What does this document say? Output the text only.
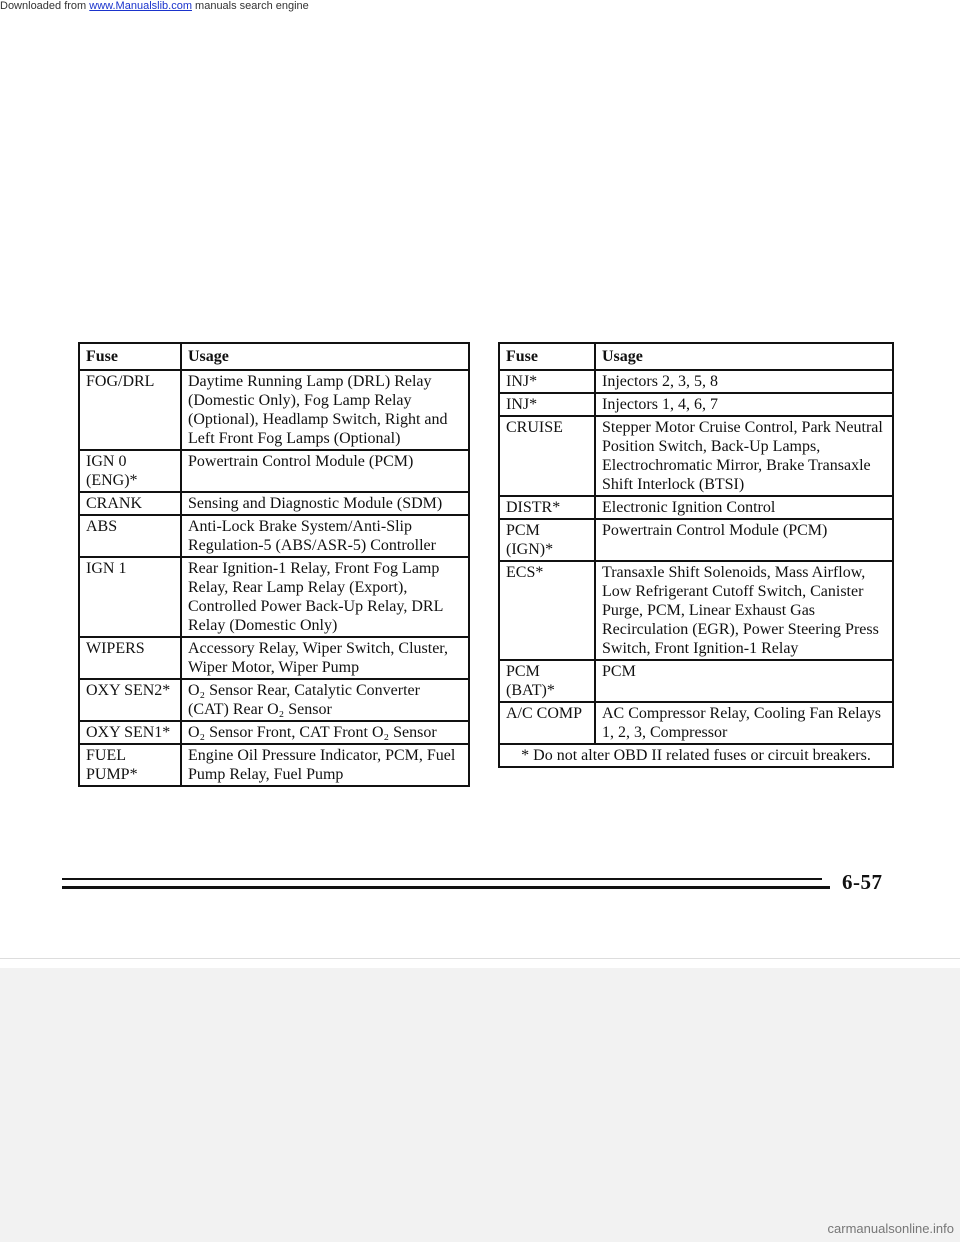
Downloaded from www.Manualslib.com manuals search engine
Fuse	Usage
FOG/DRL	Daytime Running Lamp (DRL) Relay (Domestic Only), Fog Lamp Relay (Optional), Headlamp Switch, Right and Left Front Fog Lamps (Optional)
IGN 0 (ENG)*	Powertrain Control Module (PCM)
CRANK	Sensing and Diagnostic Module (SDM)
ABS	Anti-Lock Brake System/Anti-Slip Regulation-5 (ABS/ASR-5) Controller
IGN 1	Rear Ignition-1 Relay, Front Fog Lamp Relay, Rear Lamp Relay (Export), Controlled Power Back-Up Relay, DRL Relay (Domestic Only)
WIPERS	Accessory Relay, Wiper Switch, Cluster, Wiper Motor, Wiper Pump
OXY SEN2*	O₂ Sensor Rear, Catalytic Converter (CAT) Rear O₂ Sensor
OXY SEN1*	O₂ Sensor Front, CAT Front O₂ Sensor
FUEL PUMP*	Engine Oil Pressure Indicator, PCM, Fuel Pump Relay, Fuel Pump
Fuse	Usage
INJ*	Injectors 2, 3, 5, 8
INJ*	Injectors 1, 4, 6, 7
CRUISE	Stepper Motor Cruise Control, Park Neutral Position Switch, Back-Up Lamps, Electrochromatic Mirror, Brake Transaxle Shift Interlock (BTSI)
DISTR*	Electronic Ignition Control
PCM (IGN)*	Powertrain Control Module (PCM)
ECS*	Transaxle Shift Solenoids, Mass Airflow, Low Refrigerant Cutoff Switch, Canister Purge, PCM, Linear Exhaust Gas Recirculation (EGR), Power Steering Press Switch, Front Ignition-1 Relay
PCM (BAT)*	PCM
A/C COMP	AC Compressor Relay, Cooling Fan Relays 1, 2, 3, Compressor
* Do not alter OBD II related fuses or circuit breakers.	
6-57
carmanualsonline.info
